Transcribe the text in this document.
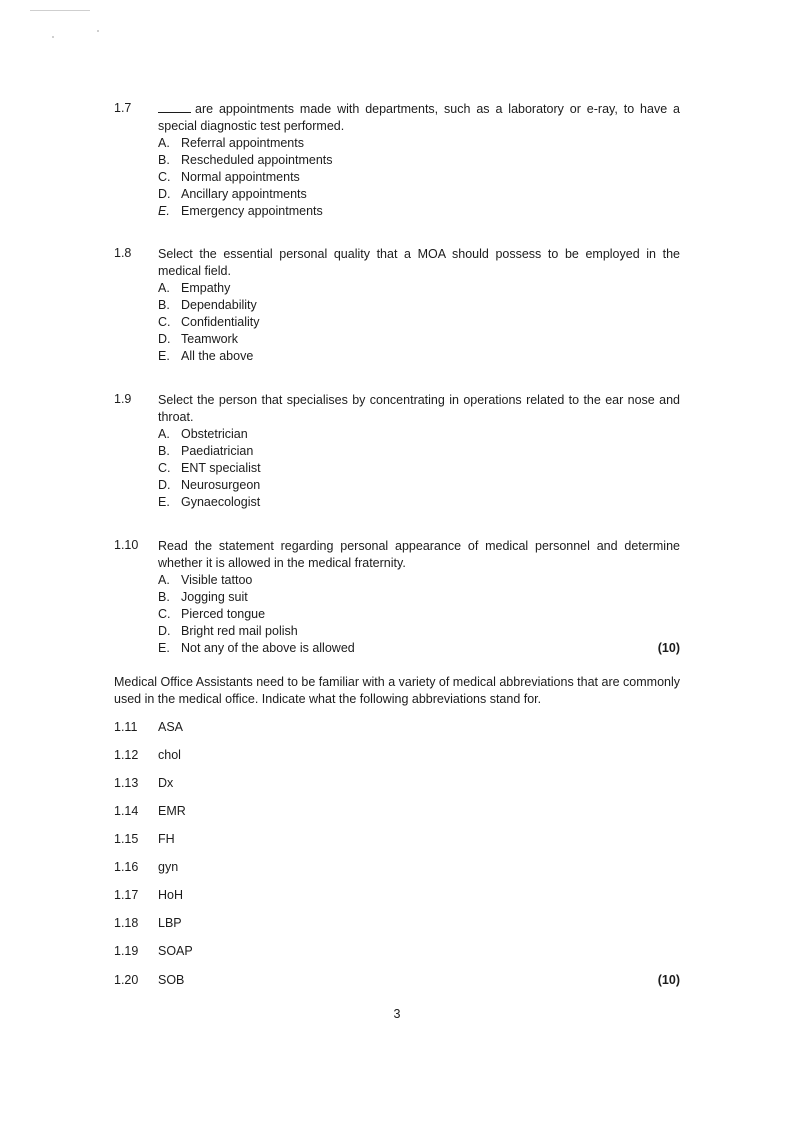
1.7	are appointments made with departments, such as a laboratory or e-ray, to have a special diagnostic test performed.
A. Referral appointments
B. Rescheduled appointments
C. Normal appointments
D. Ancillary appointments
E. Emergency appointments
1.8	Select the essential personal quality that a MOA should possess to be employed in the medical field.
A. Empathy
B. Dependability
C. Confidentiality
D. Teamwork
E. All the above
1.9	Select the person that specialises by concentrating in operations related to the ear nose and throat.
A. Obstetrician
B. Paediatrician
C. ENT specialist
D. Neurosurgeon
E. Gynaecologist
1.10	Read the statement regarding personal appearance of medical personnel and determine whether it is allowed in the medical fraternity.
A. Visible tattoo
B. Jogging suit
C. Pierced tongue
D. Bright red mail polish
E. Not any of the above is allowed	(10)
Medical Office Assistants need to be familiar with a variety of medical abbreviations that are commonly used in the medical office. Indicate what the following abbreviations stand for.
1.11	ASA
1.12	chol
1.13	Dx
1.14	EMR
1.15	FH
1.16	gyn
1.17	HoH
1.18	LBP
1.19	SOAP
1.20	SOB	(10)
3
